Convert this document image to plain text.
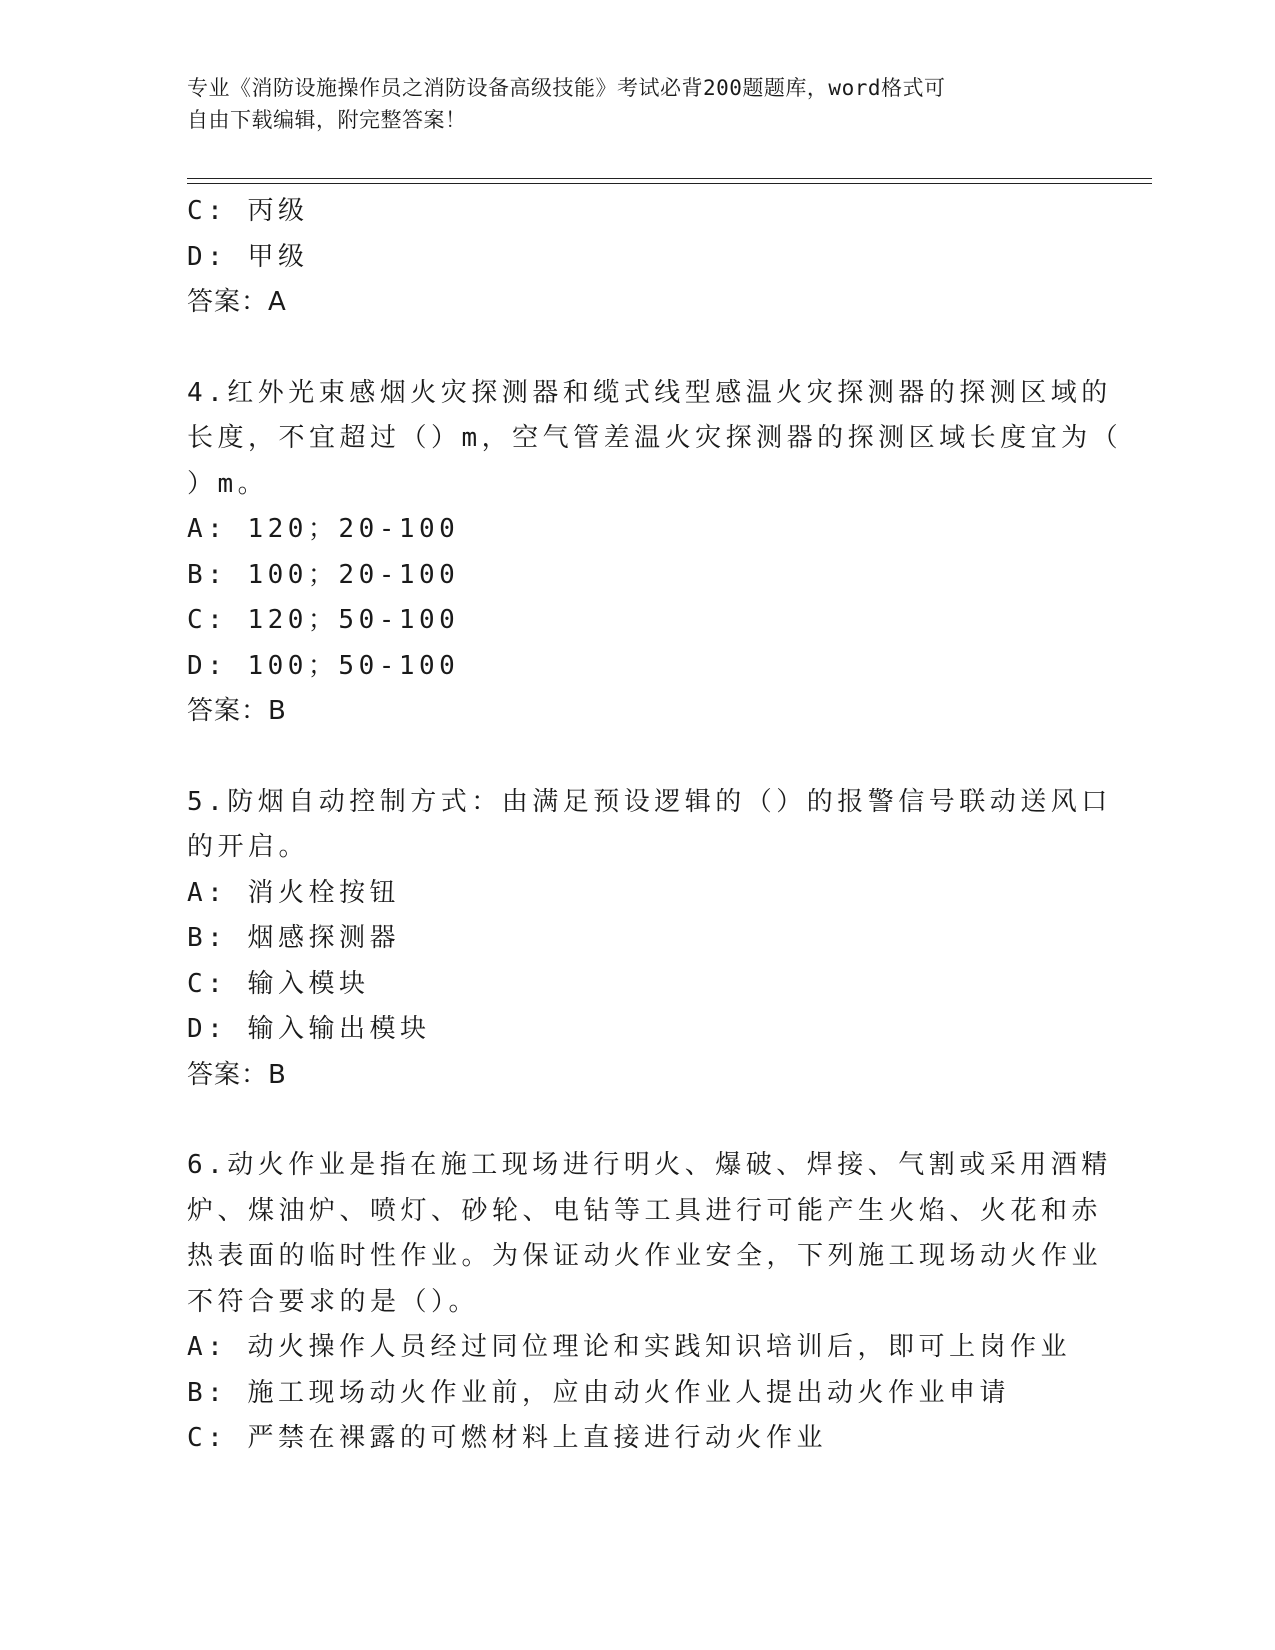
专业《消防设施操作员之消防设备高级技能》考试必背200题题库，word格式可
自由下载编辑，附完整答案！
C: 丙级
D: 甲级
答案：A
4.红外光束感烟火灾探测器和缆式线型感温火灾探测器的探测区域的
长度，不宜超过（）m，空气管差温火灾探测器的探测区域长度宜为（
）m。
A: 120；20-100
B: 100；20-100
C: 120；50-100
D: 100；50-100
答案：B
5.防烟自动控制方式：由满足预设逻辑的（）的报警信号联动送风口
的开启。
A: 消火栓按钮
B: 烟感探测器
C: 输入模块
D: 输入输出模块
答案：B
6.动火作业是指在施工现场进行明火、爆破、焊接、气割或采用酒精
炉、煤油炉、喷灯、砂轮、电钻等工具进行可能产生火焰、火花和赤
热表面的临时性作业。为保证动火作业安全，下列施工现场动火作业
不符合要求的是（）。
A: 动火操作人员经过同位理论和实践知识培训后，即可上岗作业
B: 施工现场动火作业前，应由动火作业人提出动火作业申请
C: 严禁在裸露的可燃材料上直接进行动火作业
